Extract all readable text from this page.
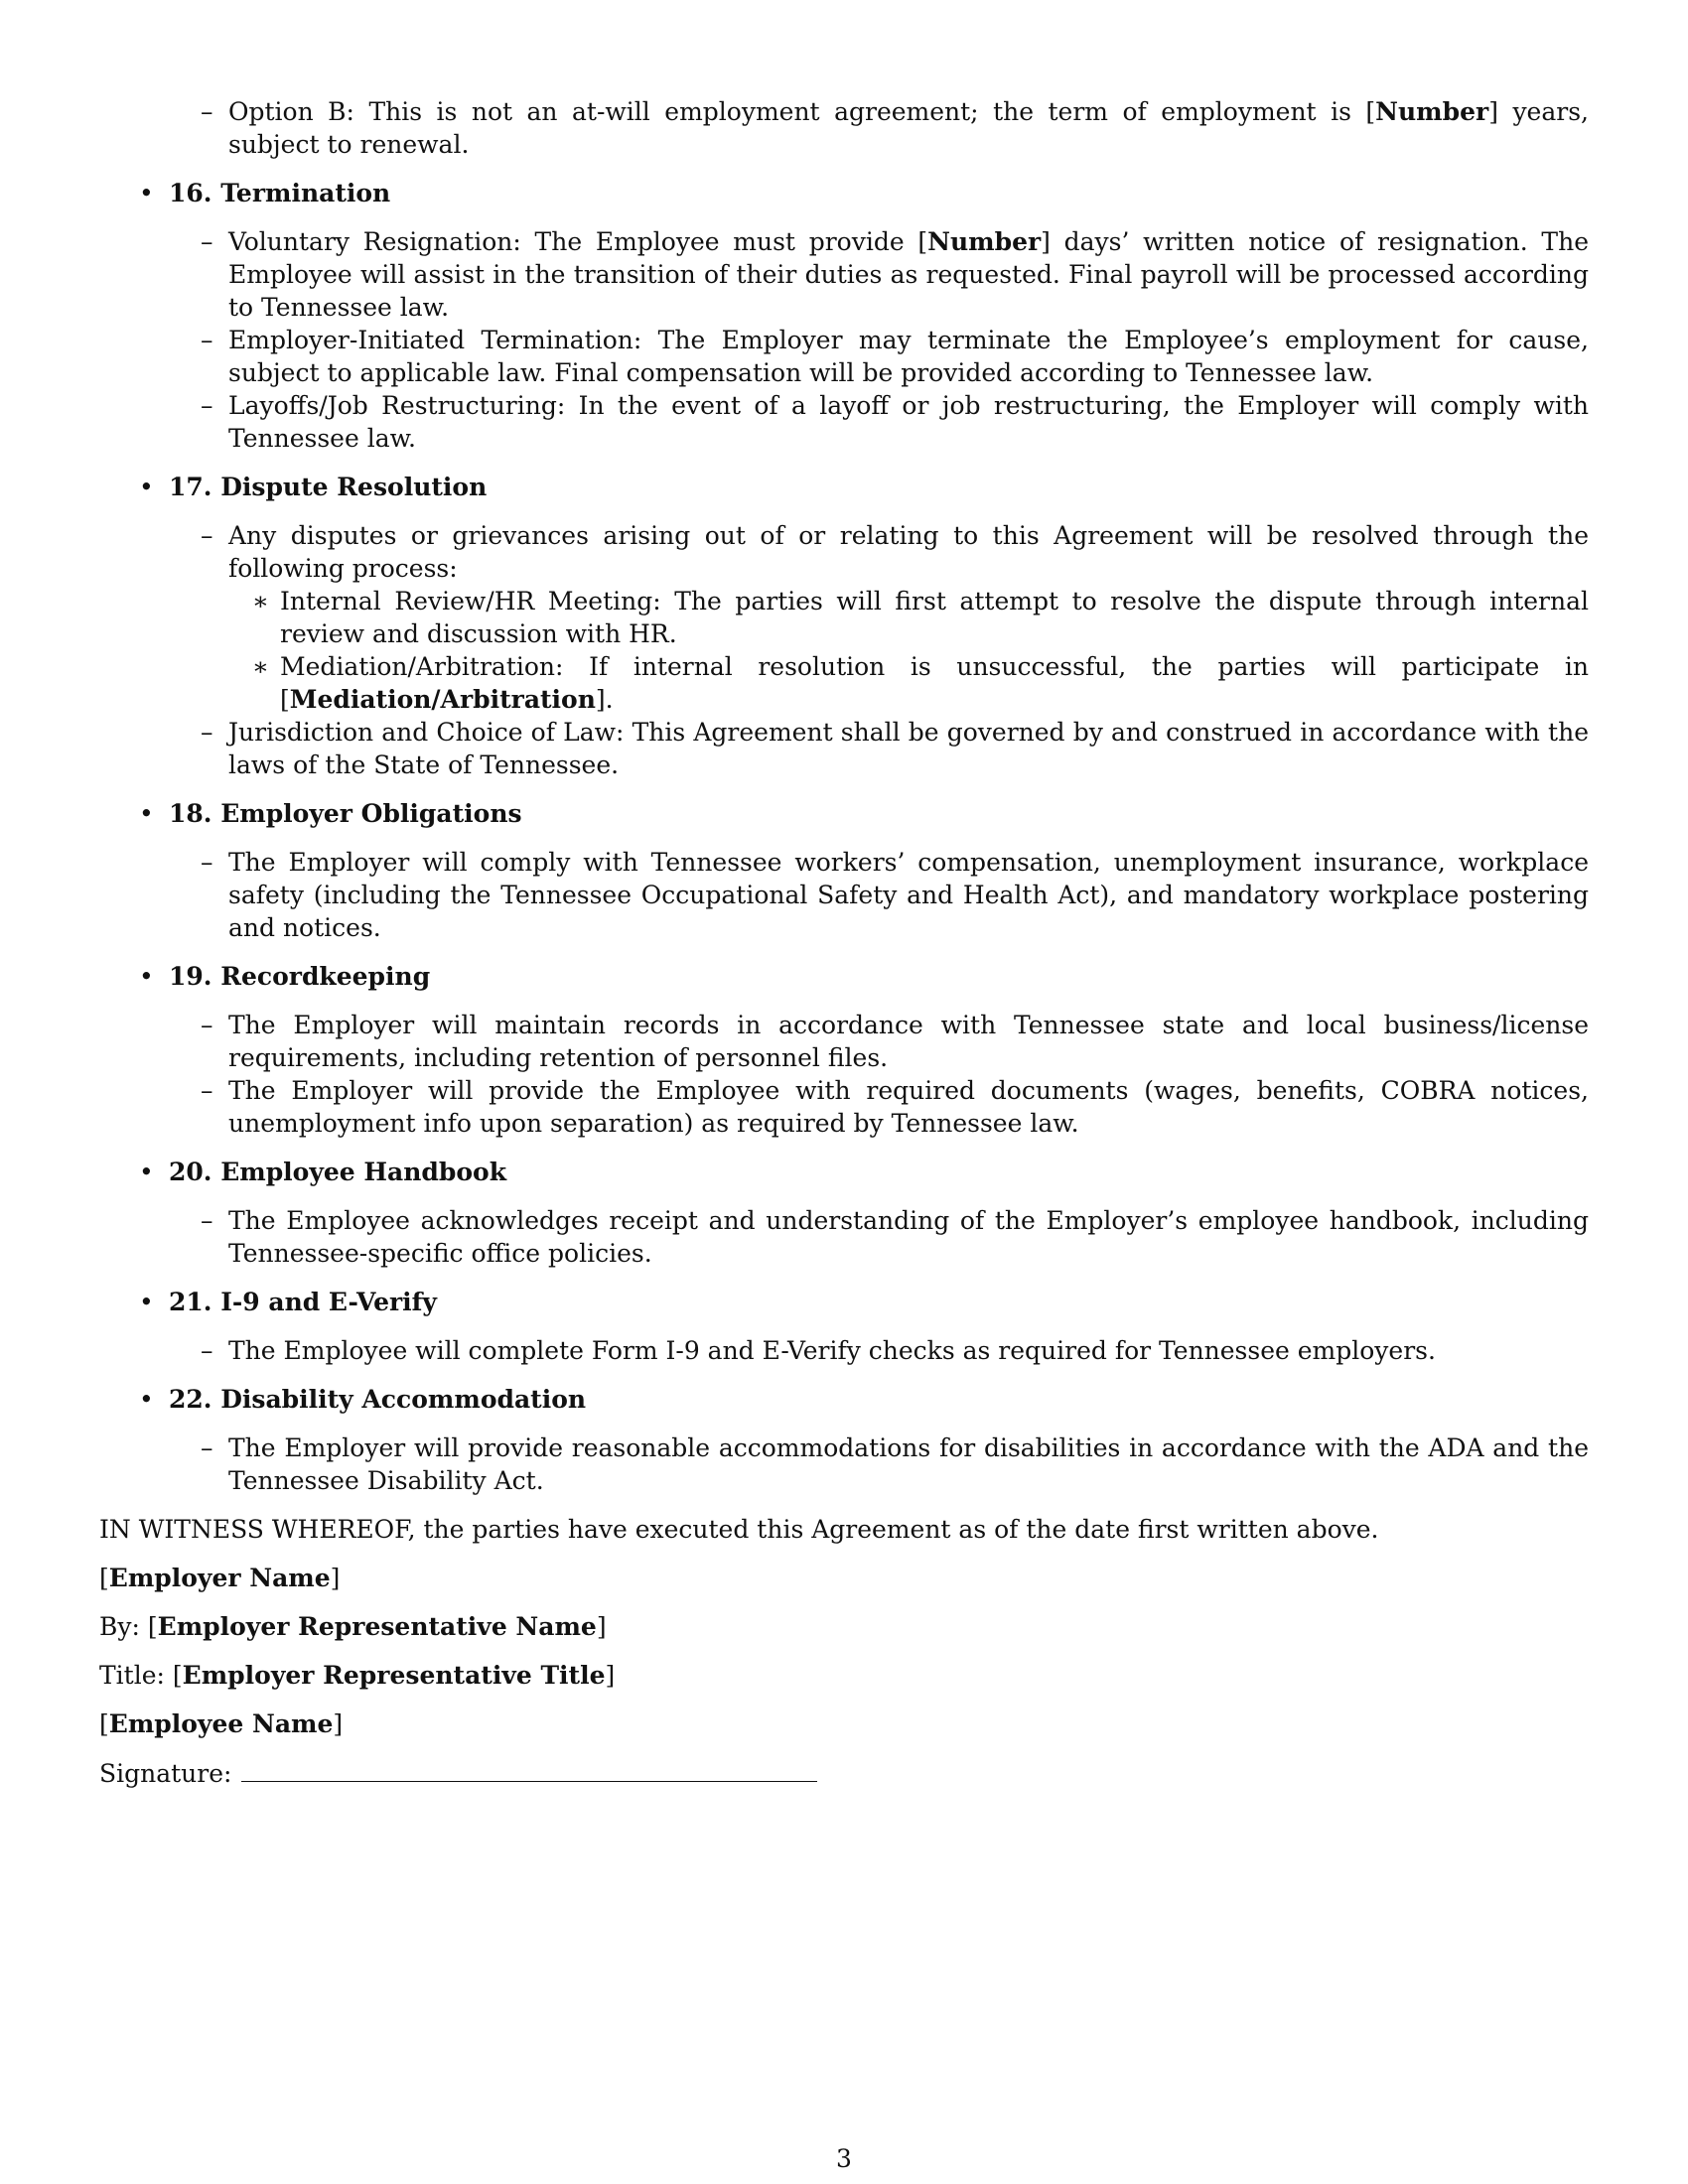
– Option B: This is not an at-will employment agreement; the term of employment is [Number] years, subject to renewal.
• 16. Termination
– Voluntary Resignation: The Employee must provide [Number] days’ written notice of resignation. The Employee will assist in the transition of their duties as requested. Final payroll will be processed according to Tennessee law.
– Employer-Initiated Termination: The Employer may terminate the Employee’s employment for cause, subject to applicable law. Final compensation will be provided according to Tennessee law.
– Layoffs/Job Restructuring: In the event of a layoff or job restructuring, the Employer will comply with Tennessee law.
• 17. Dispute Resolution
– Any disputes or grievances arising out of or relating to this Agreement will be resolved through the following process:
∗ Internal Review/HR Meeting: The parties will first attempt to resolve the dispute through internal review and discussion with HR.
∗ Mediation/Arbitration: If internal resolution is unsuccessful, the parties will participate in [Mediation/Arbitration].
– Jurisdiction and Choice of Law: This Agreement shall be governed by and construed in accordance with the laws of the State of Tennessee.
• 18. Employer Obligations
– The Employer will comply with Tennessee workers’ compensation, unemployment insurance, workplace safety (including the Tennessee Occupational Safety and Health Act), and mandatory workplace postering and notices.
• 19. Recordkeeping
– The Employer will maintain records in accordance with Tennessee state and local business/license requirements, including retention of personnel files.
– The Employer will provide the Employee with required documents (wages, benefits, COBRA notices, unemployment info upon separation) as required by Tennessee law.
• 20. Employee Handbook
– The Employee acknowledges receipt and understanding of the Employer’s employee handbook, including Tennessee-specific office policies.
• 21. I-9 and E-Verify
– The Employee will complete Form I-9 and E-Verify checks as required for Tennessee employers.
• 22. Disability Accommodation
– The Employer will provide reasonable accommodations for disabilities in accordance with the ADA and the Tennessee Disability Act.
IN WITNESS WHEREOF, the parties have executed this Agreement as of the date first written above.
[Employer Name]
By: [Employer Representative Name]
Title: [Employer Representative Title]
[Employee Name]
Signature:
3
